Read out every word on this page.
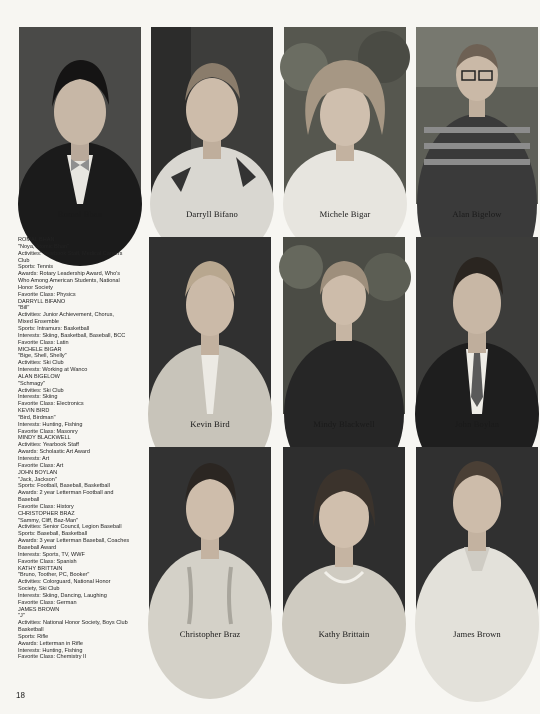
Romal Bhan	Darryll Bifano	Michele Bigar	Alan Bigelow
ROMAL BHAN
"Noya, Atomic Bhan"
Activities: Yearbook Staff, Medical Careers
Club
Sports: Tennis
Awards: Rotary Leadership Award, Who's
Who Among American Students, National
Honor Society
Favorite Class: Physics
DARRYLL BIFANO
"Bill"
Activities: Junior Achievement, Chorus,
Mixed Ensemble
Sports: Intramurs: Basketball
Interests: Skiing, Basketball, Baseball, BCC
Favorite Class: Latin
MICHELE BIGAR
"Bige, Shell, Shelly"
Activities: Ski Club
Interests: Working at Wanco
ALAN BIGELOW
"Schmagy"
Activities: Ski Club
Interests: Skiing
Favorite Class: Electronics
KEVIN BIRD
"Bird, Birdman"
Interests: Hunting, Fishing
Favorite Class: Masonry
MINDY BLACKWELL
Activities: Yearbook Staff
Awards: Scholastic Art Award
Interests: Art
Favorite Class: Art
JOHN BOYLAN
"Jack, Jackson"
Sports: Football, Baseball, Basketball
Awards: 2 year Letterman Football and
Baseball
Favorite Class: History
CHRISTOPHER BRAZ
"Sammy, Cliff, Baz-Man"
Activities: Senior Council, Legion Baseball
Sports: Baseball, Basketball
Awards: 3 year Letterman Baseball, Coaches
Baseball Award
Interests: Sports, TV, WWF
Favorite Class: Spanish
KATHY BRITTAIN
"Bruno, Toother, PC, Booker"
Activities: Colorguard, National Honor
Society, Ski Club
Interests: Skiing, Dancing, Laughing
Favorite Class: German
JAMES BROWN
"J"
Activities: National Honor Society, Boys Club
Basketball
Sports: Rifle
Awards: Letterman in Rifle
Interests: Hunting, Fishing
Favorite Class: Chemistry II
Kevin Bird	Mindy Blackwell	John Boylan
Christopher Braz	Kathy Brittain	James Brown
18
